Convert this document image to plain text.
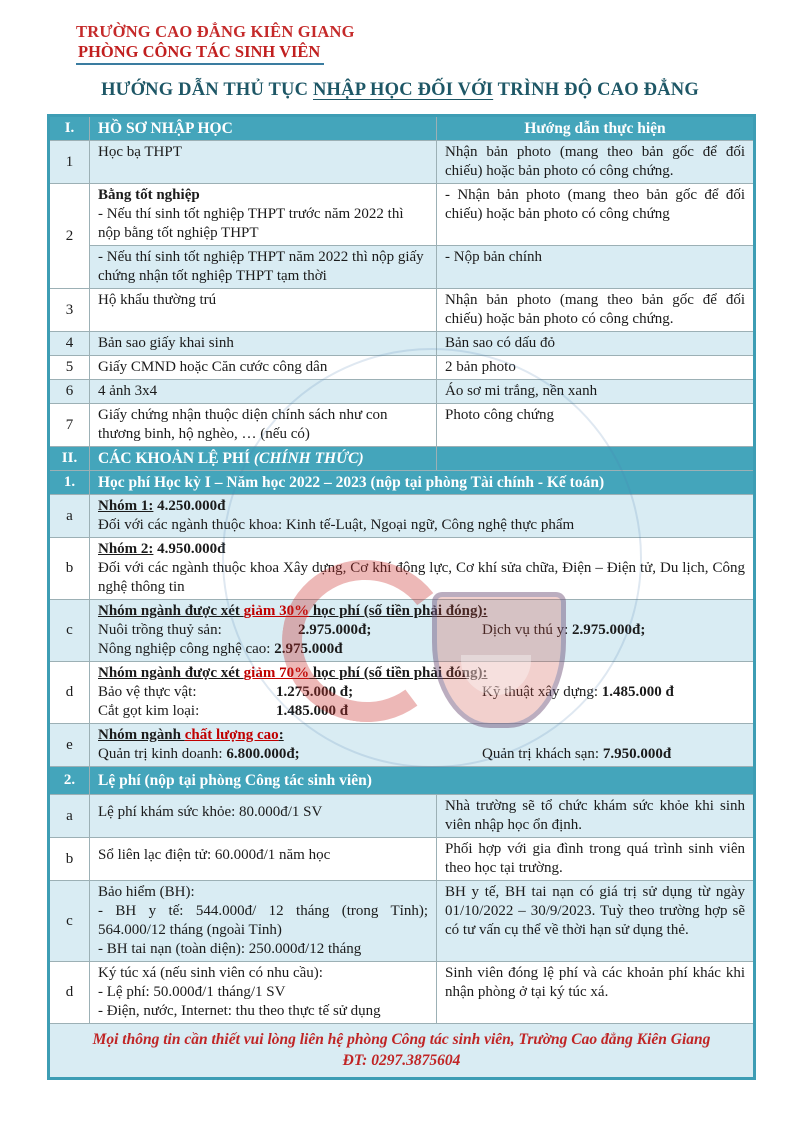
TRƯỜNG CAO ĐẲNG KIÊN GIANG
PHÒNG CÔNG TÁC SINH VIÊN
HƯỚNG DẪN THỦ TỤC NHẬP HỌC ĐỐI VỚI TRÌNH ĐỘ CAO ĐẲNG
I.	HỒ SƠ NHẬP HỌC	Hướng dẫn thực hiện
1	Học bạ THPT	Nhận bản photo (mang theo bản gốc để đối chiếu) hoặc bản photo có công chứng.
2	Bằng tốt nghiệp
- Nếu thí sinh tốt nghiệp THPT trước năm 2022 thì nộp bằng tốt nghiệp THPT	- Nhận bản photo (mang theo bản gốc để đối chiếu) hoặc bản photo có công chứng
	- Nếu thí sinh tốt nghiệp THPT năm 2022 thì nộp giấy chứng nhận tốt nghiệp THPT tạm thời	- Nộp bản chính
3	Hộ khẩu thường trú	Nhận bản photo (mang theo bản gốc để đối chiếu) hoặc bản photo có công chứng.
4	Bản sao giấy khai sinh	Bản sao có dấu đỏ
5	Giấy CMND hoặc Căn cước công dân	2 bản photo
6	4 ảnh 3x4	Áo sơ mi trắng, nền xanh
7	Giấy chứng nhận thuộc diện chính sách như con thương binh, hộ nghèo, … (nếu có)	Photo công chứng
II.	CÁC KHOẢN LỆ PHÍ (CHÍNH THỨC)	
1.	Học phí Học kỳ I – Năm học 2022 – 2023 (nộp tại phòng Tài chính - Kế toán)	
a	Nhóm 1: 4.250.000đ
Đối với các ngành thuộc khoa: Kinh tế-Luật, Ngoại ngữ, Công nghệ thực phẩm	

b	Nhóm 2: 4.950.000đ
Đối với các ngành thuộc khoa Xây dựng, Cơ khí động lực, Cơ khí sửa chữa, Điện – Điện tử, Du lịch, Công nghệ thông tin	

c	Nhóm ngành được xét giảm 30% học phí (số tiền phải đóng):
Nuôi trồng thuỷ sản: 2.975.000đ; Dịch vụ thú y: 2.975.000đ;
Nông nghiệp công nghệ cao: 2.975.000đ	

d	Nhóm ngành được xét giảm 70% học phí (số tiền phải đóng):
Bảo vệ thực vật: 1.275.000 đ; Kỹ thuật xây dựng: 1.485.000 đ
Cắt gọt kim loại: 1.485.000 đ	

e	Nhóm ngành chất lượng cao:
Quản trị kinh doanh: 6.800.000đ; Quản trị khách sạn: 7.950.000đ	

2.	Lệ phí (nộp tại phòng Công tác sinh viên)	
a	Lệ phí khám sức khỏe: 80.000đ/1 SV	Nhà trường sẽ tổ chức khám sức khỏe khi sinh viên nhập học ổn định.
b	Sổ liên lạc điện tử: 60.000đ/1 năm học	Phối hợp với gia đình trong quá trình sinh viên theo học tại trường.
c	Bảo hiểm (BH):
- BH y tế: 544.000đ/ 12 tháng (trong Tỉnh); 564.000/12 tháng (ngoài Tỉnh)
- BH tai nạn (toàn diện): 250.000đ/12 tháng	BH y tế, BH tai nạn có giá trị sử dụng từ ngày 01/10/2022 – 30/9/2023. Tuỳ theo trường hợp sẽ có tư vấn cụ thể về thời hạn sử dụng thẻ.
d	Ký túc xá (nếu sinh viên có nhu cầu):
- Lệ phí: 50.000đ/1 tháng/1 SV
- Điện, nước, Internet: thu theo thực tế sử dụng	Sinh viên đóng lệ phí và các khoản phí khác khi nhận phòng ở tại ký túc xá.

Mọi thông tin cần thiết vui lòng liên hệ phòng Công tác sinh viên, Trường Cao đẳng Kiên Giang
ĐT: 0297.3875604		
